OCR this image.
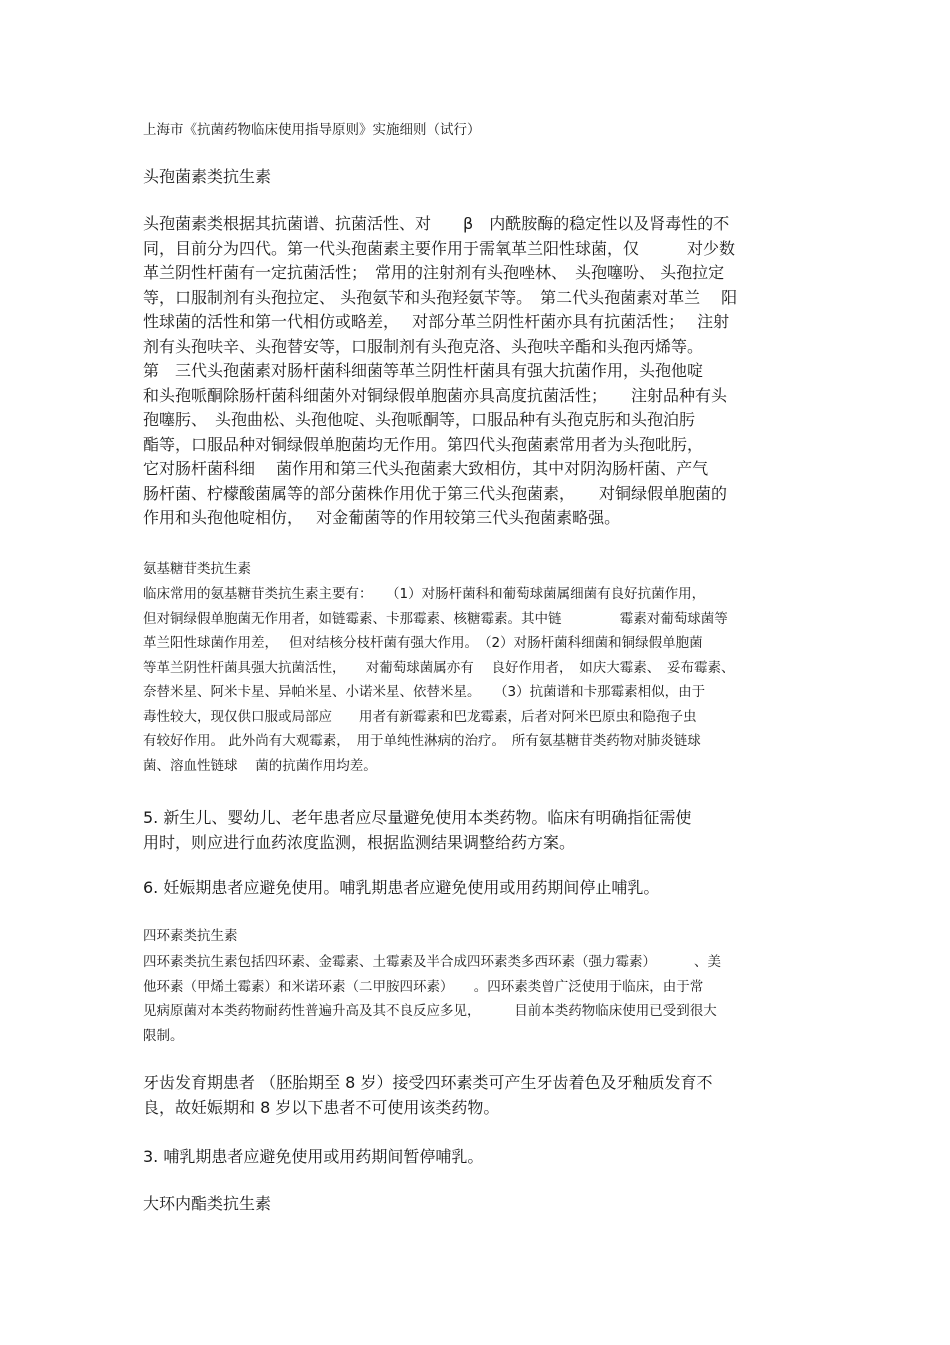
上海市《抗菌药物临床使用指导原则》实施细则（试行）
头孢菌素类抗生素
头孢菌素类根据其抗菌谱、抗菌活性、对　　β　内酰胺酶的稳定性以及肾毒性的不
同，目前分为四代。第一代头孢菌素主要作用于需氧革兰阳性球菌，仅　　　对少数
革兰阴性杆菌有一定抗菌活性；　常用的注射剂有头孢唑林、　头孢噻吩、 头孢拉定
等，口服制剂有头孢拉定、 头孢氨苄和头孢羟氨苄等。　第二代头孢菌素对革兰　 阳
性球菌的活性和第一代相仿或略差，　 对部分革兰阴性杆菌亦具有抗菌活性；　 注射
剂有头孢呋辛、头孢替安等，口服制剂有头孢克洛、头孢呋辛酯和头孢丙烯等。
第　三代头孢菌素对肠杆菌科细菌等革兰阴性杆菌具有强大抗菌作用，头孢他啶
和头孢哌酮除肠杆菌科细菌外对铜绿假单胞菌亦具高度抗菌活性；　　注射品种有头
孢噻肟、　头孢曲松、头孢他啶、头孢哌酮等，口服品种有头孢克肟和头孢泊肟
酯等，口服品种对铜绿假单胞菌均无作用。第四代头孢菌素常用者为头孢吡肟，
它对肠杆菌科细　 菌作用和第三代头孢菌素大致相仿，其中对阴沟肠杆菌、产气
肠杆菌、柠檬酸菌属等的部分菌株作用优于第三代头孢菌素，　　对铜绿假单胞菌的
作用和头孢他啶相仿，　 对金葡菌等的作用较第三代头孢菌素略强。
氨基糖苷类抗生素
临床常用的氨基糖苷类抗生素主要有：　　（1）对肠杆菌科和葡萄球菌属细菌有良好抗菌作用，
但对铜绿假单胞菌无作用者，如链霉素、卡那霉素、核糖霉素。其中链　　　　 霉素对葡萄球菌等
革兰阳性球菌作用差，　 但对结核分枝杆菌有强大作用。　（2）对肠杆菌科细菌和铜绿假单胞菌
等革兰阴性杆菌具强大抗菌活性，　　对葡萄球菌属亦有　 良好作用者，　如庆大霉素、　妥布霉素、
奈替米星、阿米卡星、异帕米星、小诺米星、依替米星。　　（3）抗菌谱和卡那霉素相似，由于
毒性较大，现仅供口服或局部应　　用者有新霉素和巴龙霉素，后者对阿米巴原虫和隐孢子虫
有较好作用。 此外尚有大观霉素，　用于单纯性淋病的治疗。　所有氨基糖苷类药物对肺炎链球
菌、溶血性链球　 菌的抗菌作用均差。
5. 新生儿、婴幼儿、老年患者应尽量避免使用本类药物。临床有明确指征需使
用时，则应进行血药浓度监测，根据监测结果调整给药方案。
6. 妊娠期患者应避免使用。哺乳期患者应避免使用或用药期间停止哺乳。
四环素类抗生素
四环素类抗生素包括四环素、金霉素、土霉素及半合成四环素类多西环素（强力霉素）　　　 、美
他环素（甲烯土霉素）和米诺环素（二甲胺四环素）　　。四环素类曾广泛使用于临床，由于常
见病原菌对本类药物耐药性普遍升高及其不良反应多见，　　　目前本类药物临床使用已受到很大
限制。
牙齿发育期患者 （胚胎期至 8 岁）接受四环素类可产生牙齿着色及牙釉质发育不
良，故妊娠期和 8 岁以下患者不可使用该类药物。
3. 哺乳期患者应避免使用或用药期间暂停哺乳。
大环内酯类抗生素
